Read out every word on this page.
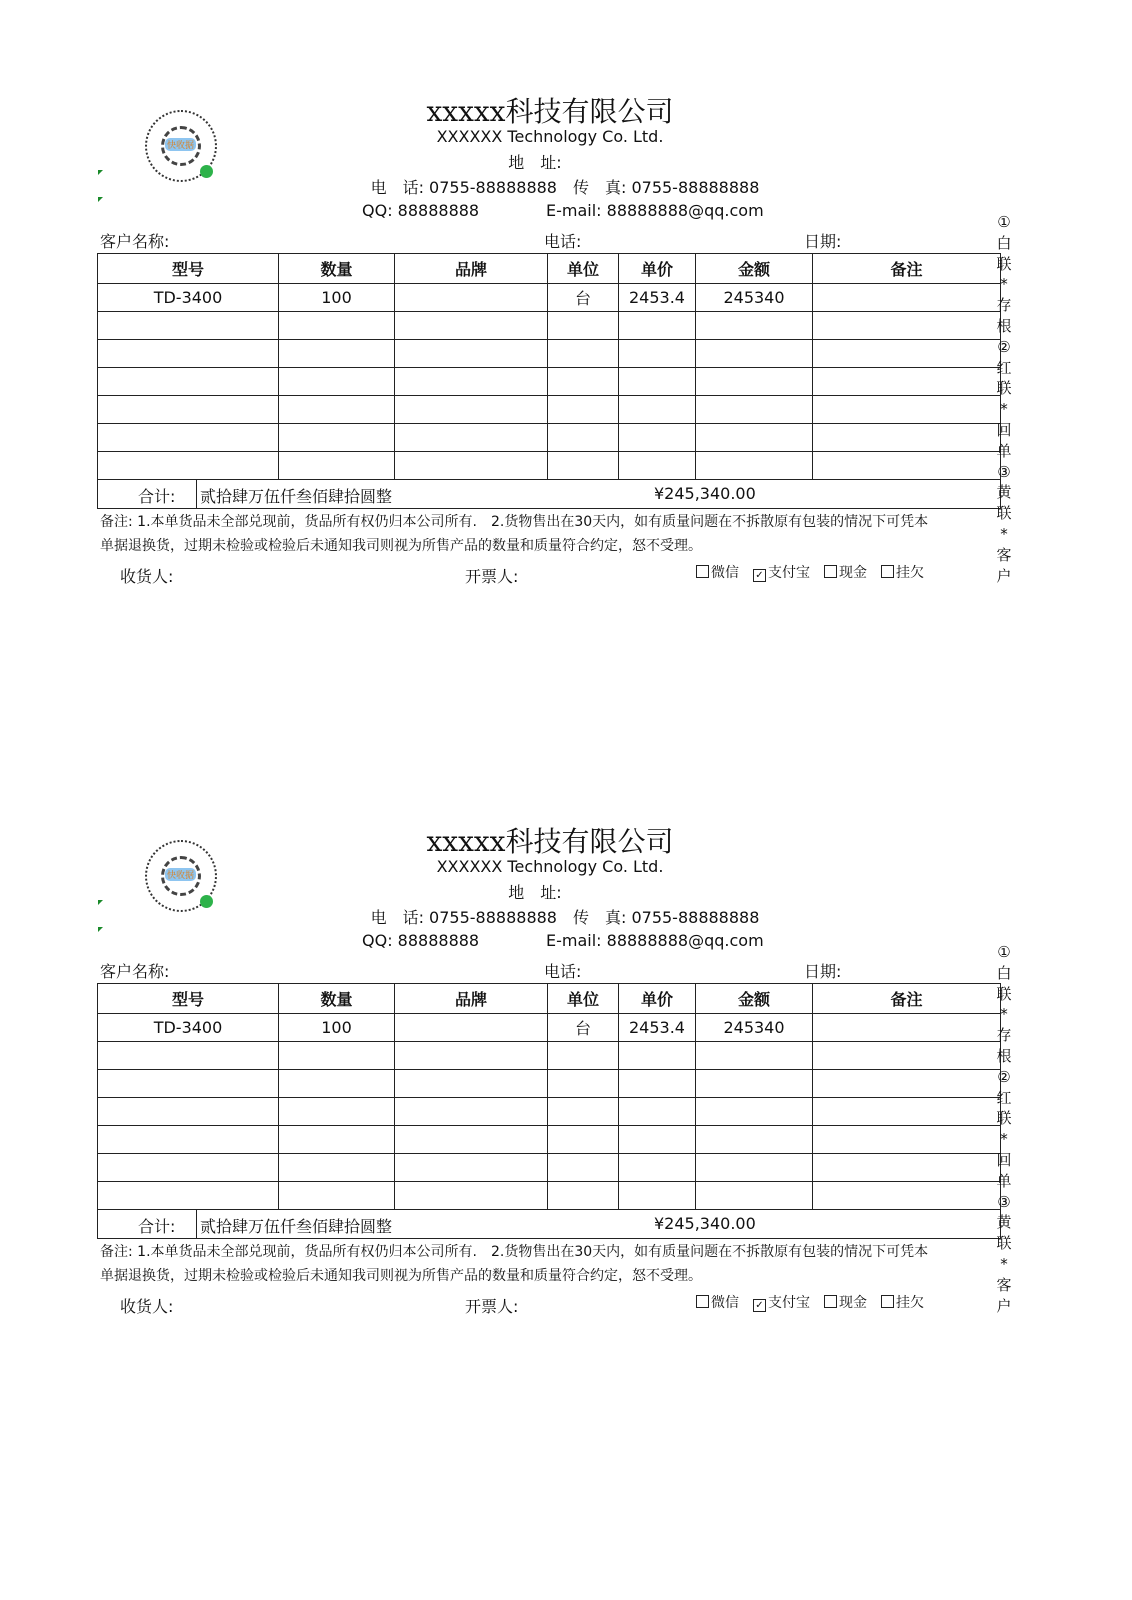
快收据
xxxxx科技有限公司
XXXXXX Technology Co. Ltd.
地　址:
电　话: 0755-88888888　传　真: 0755-88888888
QQ: 88888888	E-mail: 88888888@qq.com
客户名称:	电话:	日期:
型号	数量	品牌	单位	单价	金额	备注
TD-3400	100		台	2453.4	245340	

合计: 贰拾肆万伍仟叁佰肆拾圆整 ¥245,340.00						
备注: 1.本单货品未全部兑现前，货品所有权仍归本公司所有.　2.货物售出在30天内，如有质量问题在不拆散原有包装的情况下可凭本
单据退换货，过期未检验或检验后未通知我司则视为所售产品的数量和质量符合约定，怒不受理。
收货人:	开票人:	微信 ✓ 支付宝 现金 挂欠
①白联*存根②红联*回单③黄联*客户
快收据
xxxxx科技有限公司
XXXXXX Technology Co. Ltd.
地　址:
电　话: 0755-88888888　传　真: 0755-88888888
QQ: 88888888	E-mail: 88888888@qq.com
客户名称:	电话:	日期:
型号	数量	品牌	单位	单价	金额	备注
TD-3400	100		台	2453.4	245340	

合计: 贰拾肆万伍仟叁佰肆拾圆整 ¥245,340.00						
备注: 1.本单货品未全部兑现前，货品所有权仍归本公司所有.　2.货物售出在30天内，如有质量问题在不拆散原有包装的情况下可凭本
单据退换货，过期未检验或检验后未通知我司则视为所售产品的数量和质量符合约定，怒不受理。
收货人:	开票人:	微信 ✓ 支付宝 现金 挂欠
①白联*存根②红联*回单③黄联*客户
